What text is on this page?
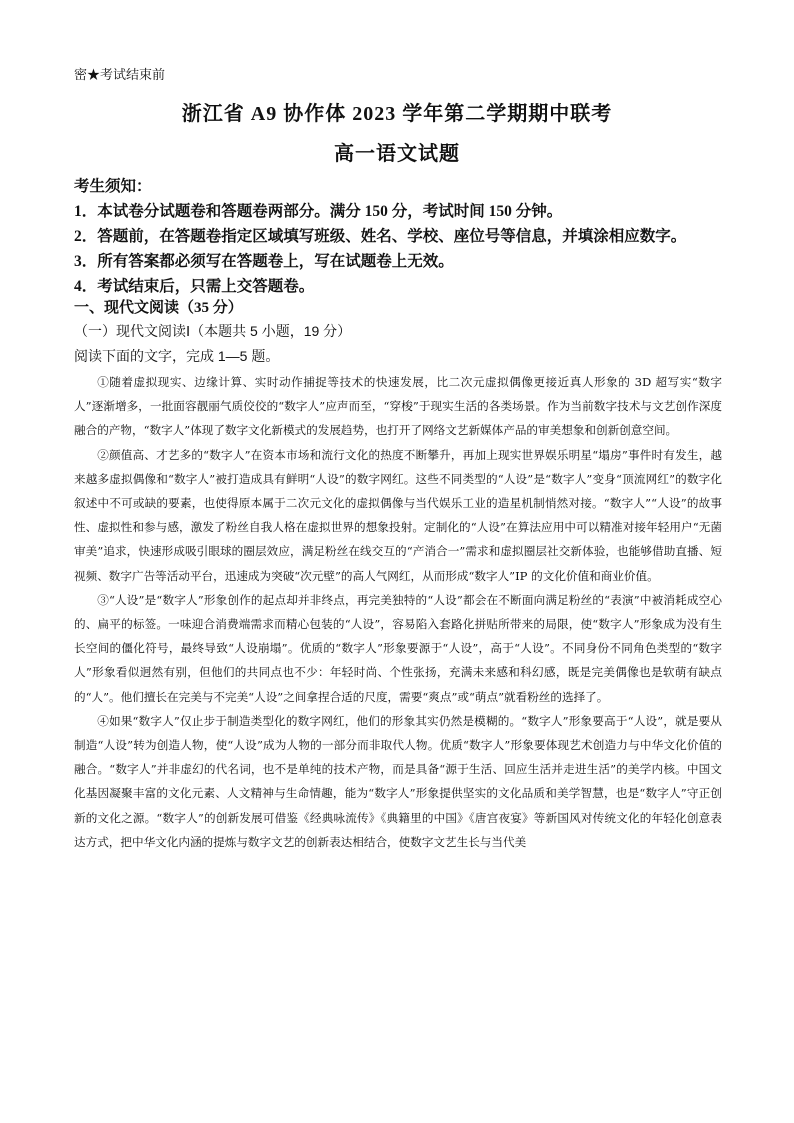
密★考试结束前
浙江省 A9 协作体 2023 学年第二学期期中联考
高一语文试题
考生须知：
1．本试卷分试题卷和答题卷两部分。满分 150 分，考试时间 150 分钟。
2．答题前，在答题卷指定区域填写班级、姓名、学校、座位号等信息，并填涂相应数字。
3．所有答案都必须写在答题卷上，写在试题卷上无效。
4．考试结束后，只需上交答题卷。
一、现代文阅读（35 分）
（一）现代文阅读Ⅰ（本题共 5 小题，19 分）
阅读下面的文字，完成 1—5 题。

①随着虚拟现实、边缘计算、实时动作捕捉等技术的快速发展，比二次元虚拟偶像更接近真人形象的 3D 超写实“数字人”逐渐增多，一批面容靓丽气质佼佼的“数字人”应声而至，“穿梭”于现实生活的各类场景。作为当前数字技术与文艺创作深度融合的产物，“数字人”体现了数字文化新模式的发展趋势，也打开了网络文艺新媒体产品的审美想象和创新创意空间。

②颜值高、才艺多的“数字人”在资本市场和流行文化的热度不断攀升，再加上现实世界娱乐明星“塌房”事件时有发生，越来越多虚拟偶像和“数字人”被打造成具有鲜明“人设”的数字网红。这些不同类型的“人设”是“数字人”变身“顶流网红”的数字化叙述中不可或缺的要素，也使得原本属于二次元文化的虚拟偶像与当代娱乐工业的造星机制悄然对接。“数字人”“人设”的故事性、虚拟性和参与感，激发了粉丝自我人格在虚拟世界的想象投射。定制化的“人设”在算法应用中可以精准对接年轻用户“无菌审美”追求，快速形成吸引眼球的圈层效应，满足粉丝在线交互的“产消合一”需求和虚拟圈层社交新体验，也能够借助直播、短视频、数字广告等活动平台，迅速成为突破“次元壁”的高人气网红，从而形成“数字人”IP 的文化价值和商业价值。

③“人设”是“数字人”形象创作的起点却并非终点，再完美独特的“人设”都会在不断面向满足粉丝的“表演”中被消耗成空心的、扁平的标签。一味迎合消费端需求而精心包装的“人设”，容易陷入套路化拼贴所带来的局限，使“数字人”形象成为没有生长空间的僵化符号，最终导致“人设崩塌”。优质的“数字人”形象要源于“人设”，高于“人设”。不同身份不同角色类型的“数字人”形象看似迥然有别，但他们的共同点也不少：年轻时尚、个性张扬，充满未来感和科幻感，既是完美偶像也是软萌有缺点的“人”。他们擅长在完美与不完美“人设”之间拿捏合适的尺度，需要“爽点”或“萌点”就看粉丝的选择了。

④如果“数字人”仅止步于制造类型化的数字网红，他们的形象其实仍然是模糊的。“数字人”形象要高于“人设”，就是要从制造“人设”转为创造人物，使“人设”成为人物的一部分而非取代人物。优质“数字人”形象要体现艺术创造力与中华文化价值的融合。“数字人”并非虚幻的代名词，也不是单纯的技术产物，而是具备“源于生活、回应生活并走进生活”的美学内核。中国文化基因凝聚丰富的文化元素、人文精神与生命情趣，能为“数字人”形象提供坚实的文化品质和美学智慧，也是“数字人”守正创新的文化之源。“数字人”的创新发展可借鉴《经典咏流传》《典籍里的中国》《唐宫夜宴》等新国风对传统文化的年轻化创意表达方式，把中华文化内涵的提炼与数字文艺的创新表达相结合，使数字文艺生长与当代美
